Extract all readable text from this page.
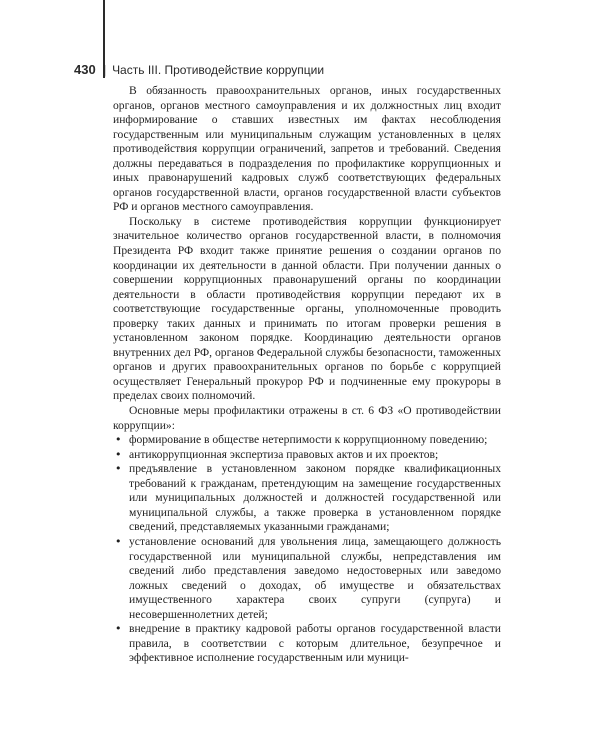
430 | Часть III. Противодействие коррупции

В обязанность правоохранительных органов, иных государственных органов, органов местного самоуправления и их должностных лиц входит информирование о ставших известных им фактах несоблюдения государственным или муниципальным служащим установленных в целях противодействия коррупции ограничений, запретов и требований. Сведения должны передаваться в подразделения по профилактике коррупционных и иных правонарушений кадровых служб соответствующих федеральных органов государственной власти, органов государственной власти субъектов РФ и органов местного самоуправления.

Поскольку в системе противодействия коррупции функционирует значительное количество органов государственной власти, в полномочия Президента РФ входит также принятие решения о создании органов по координации их деятельности в данной области. При получении данных о совершении коррупционных правонарушений органы по координации деятельности в области противодействия коррупции передают их в соответствующие государственные органы, уполномоченные проводить проверку таких данных и принимать по итогам проверки решения в установленном законом порядке. Координацию деятельности органов внутренних дел РФ, органов Федеральной службы безопасности, таможенных органов и других правоохранительных органов по борьбе с коррупцией осуществляет Генеральный прокурор РФ и подчиненные ему прокуроры в пределах своих полномочий.

Основные меры профилактики отражены в ст. 6 ФЗ «О противодействии коррупции»:

• формирование в обществе нетерпимости к коррупционному поведению;
• антикоррупционная экспертиза правовых актов и их проектов;
• предъявление в установленном законом порядке квалификационных требований к гражданам, претендующим на замещение государственных или муниципальных должностей и должностей государственной или муниципальной службы, а также проверка в установленном порядке сведений, представляемых указанными гражданами;
• установление оснований для увольнения лица, замещающего должность государственной или муниципальной службы, непредставления им сведений либо представления заведомо недостоверных или заведомо ложных сведений о доходах, об имуществе и обязательствах имущественного характера своих супруги (супруга) и несовершеннолетних детей;
• внедрение в практику кадровой работы органов государственной власти правила, в соответствии с которым длительное, безупречное и эффективное исполнение государственным или муници-
